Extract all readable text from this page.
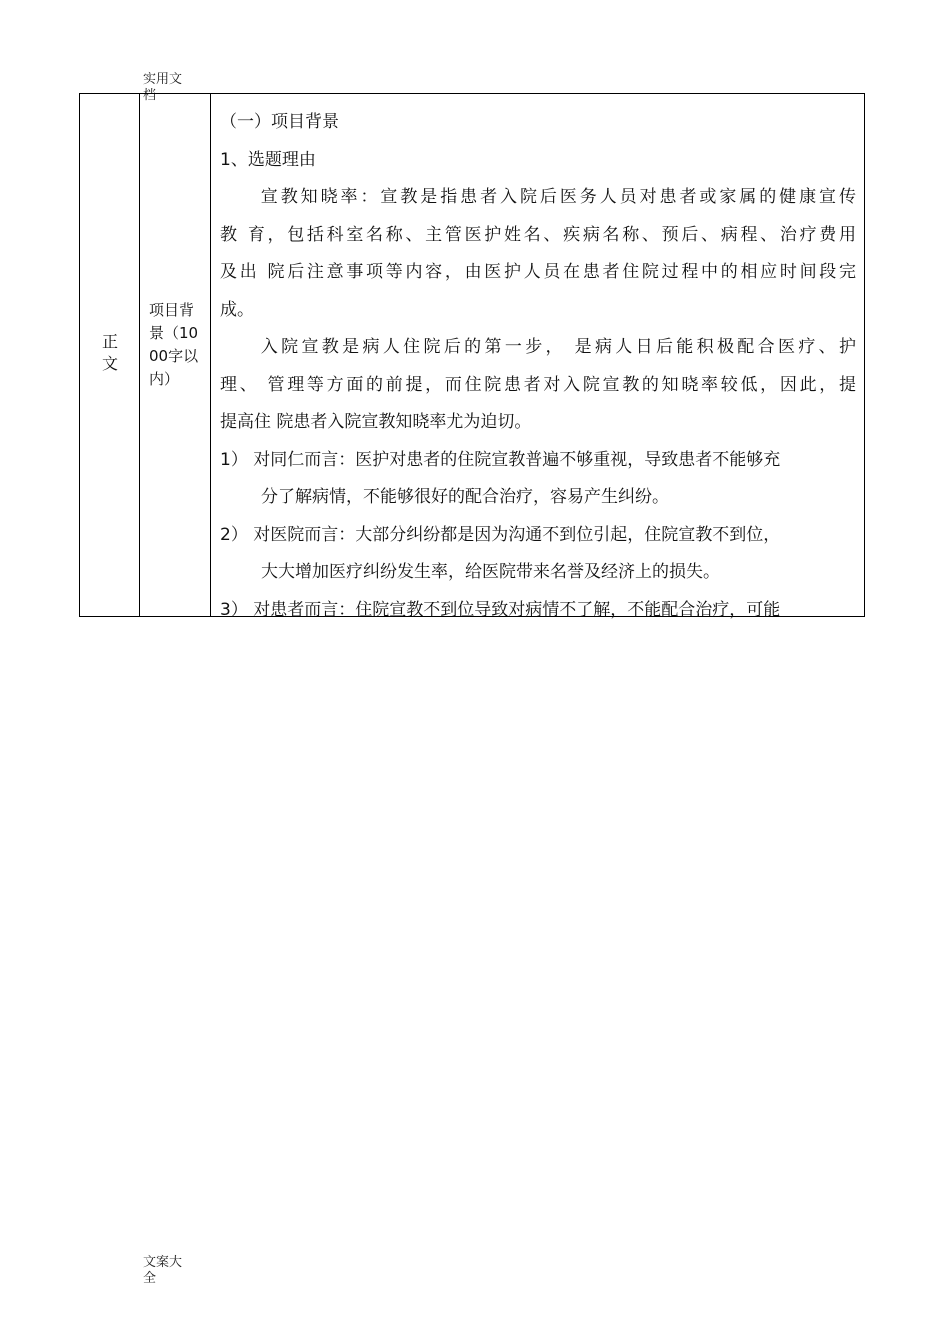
实用文档
正文
项目背景（1000字以内）

（一）项目背景

1、选题理由

宣教知晓率：宣教是指患者入院后医务人员对患者或家属的健康宣传

教 育，包括科室名称、主管医护姓名、疾病名称、预后、病程、治疗费用

及出 院后注意事项等内容，由医护人员在患者住院过程中的相应时间段完

成。

入院宣教是病人住院后的第一步， 是病人日后能积极配合医疗、护

理、 管理等方面的前提，而住院患者对入院宣教的知晓率较低，因此，提

提高住 院患者入院宣教知晓率尤为迫切。

1） 对同仁而言：医护对患者的住院宣教普遍不够重视，导致患者不能够充

分了解病情，不能够很好的配合治疗，容易产生纠纷。

2） 对医院而言：大部分纠纷都是因为沟通不到位引起，住院宣教不到位，

大大增加医疗纠纷发生率，给医院带来名誉及经济上的损失。

3） 对患者而言：住院宣教不到位导致对病情不了解，不能配合治疗，可能

文案大全
